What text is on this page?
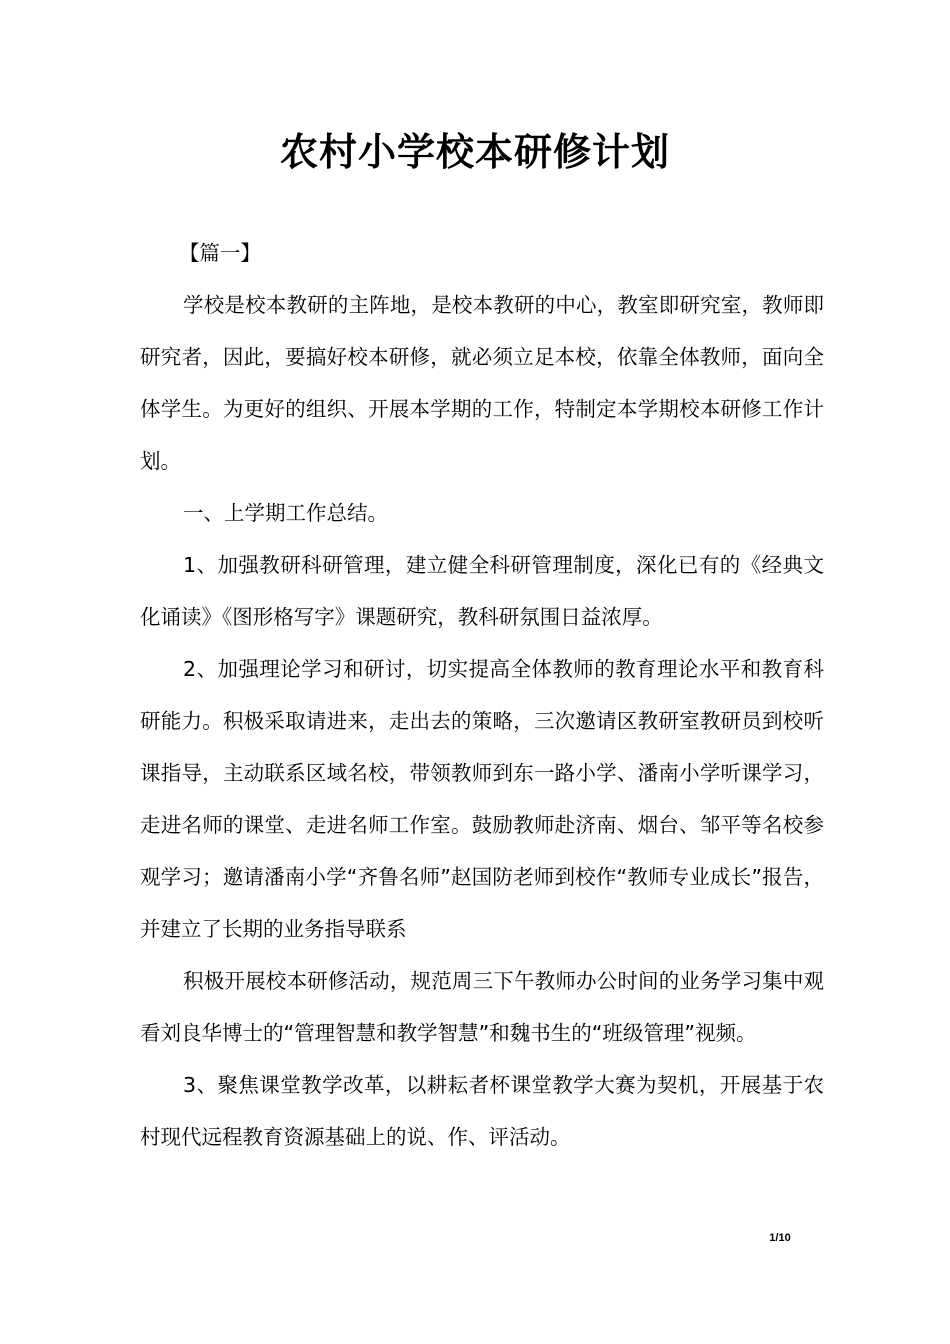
农村小学校本研修计划

【篇一】

学校是校本教研的主阵地，是校本教研的中心，教室即研究室，教师即研究者，因此，要搞好校本研修，就必须立足本校，依靠全体教师，面向全体学生。为更好的组织、开展本学期的工作，特制定本学期校本研修工作计划。

一、上学期工作总结。

1、加强教研科研管理，建立健全科研管理制度，深化已有的《经典文化诵读》《图形格写字》课题研究，教科研氛围日益浓厚。

2、加强理论学习和研讨，切实提高全体教师的教育理论水平和教育科研能力。积极采取请进来，走出去的策略，三次邀请区教研室教研员到校听课指导，主动联系区域名校，带领教师到东一路小学、潘南小学听课学习，走进名师的课堂、走进名师工作室。鼓励教师赴济南、烟台、邹平等名校参观学习；邀请潘南小学“齐鲁名师”赵国防老师到校作“教师专业成长”报告，并建立了长期的业务指导联系

积极开展校本研修活动，规范周三下午教师办公时间的业务学习集中观看刘良华博士的“管理智慧和教学智慧”和魏书生的“班级管理”视频。

3、聚焦课堂教学改革，以耕耘者杯课堂教学大赛为契机，开展基于农村现代远程教育资源基础上的说、作、评活动。

1/10
